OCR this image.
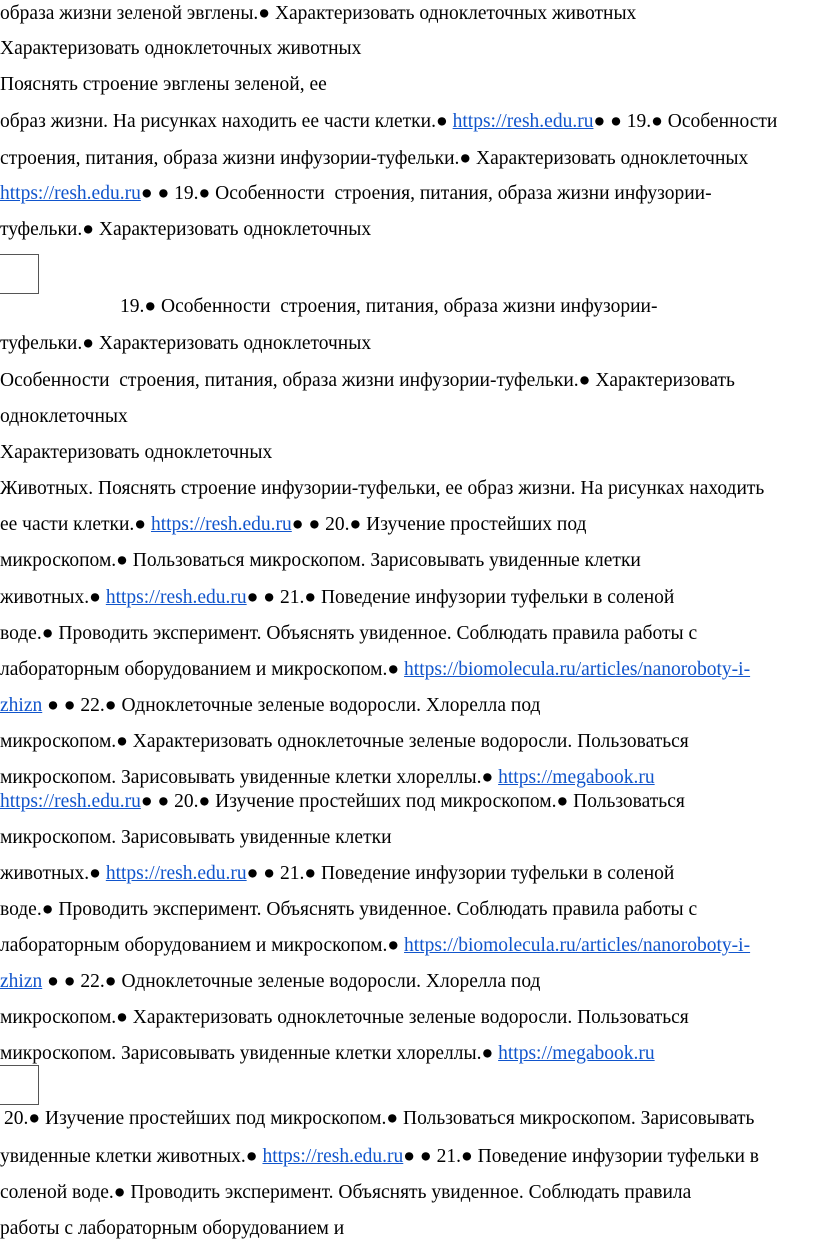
образа жизни зеленой эвглены.● Характеризовать одноклеточных животных
Характеризовать одноклеточных животных
Пояснять строение эвглены зеленой, ее
образ жизни. На рисунках находить ее части клетки.● https://resh.edu.ru● ● 19.● Особенности
строения, питания, образа жизни инфузории-туфельки.● Характеризовать одноклеточных
https://resh.edu.ru● ● 19.● Особенности  строения, питания, образа жизни инфузории-
туфельки.● Характеризовать одноклеточных
19.● Особенности  строения, питания, образа жизни инфузории-
туфельки.● Характеризовать одноклеточных
Особенности  строения, питания, образа жизни инфузории-туфельки.● Характеризовать
одноклеточных
Характеризовать одноклеточных
Животных. Пояснять строение инфузории-туфельки, ее образ жизни. На рисунках находить
ее части клетки.● https://resh.edu.ru● ● 20.● Изучение простейших под
микроскопом.● Пользоваться микроскопом. Зарисовывать увиденные клетки
животных.● https://resh.edu.ru● ● 21.● Поведение инфузории туфельки в соленой
воде.● Проводить эксперимент. Объяснять увиденное. Соблюдать правила работы с
лабораторным оборудованием и микроскопом.● https://biomolecula.ru/articles/nanoroboty-i-
zhizn ● ● 22.● Одноклеточные зеленые водоросли. Хлорелла под
микроскопом.● Характеризовать одноклеточные зеленые водоросли. Пользоваться
микроскопом. Зарисовывать увиденные клетки хлореллы.● https://megabook.ru
https://resh.edu.ru● ● 20.● Изучение простейших под микроскопом.● Пользоваться
микроскопом. Зарисовывать увиденные клетки
животных.● https://resh.edu.ru● ● 21.● Поведение инфузории туфельки в соленой
воде.● Проводить эксперимент. Объяснять увиденное. Соблюдать правила работы с
лабораторным оборудованием и микроскопом.● https://biomolecula.ru/articles/nanoroboty-i-
zhizn ● ● 22.● Одноклеточные зеленые водоросли. Хлорелла под
микроскопом.● Характеризовать одноклеточные зеленые водоросли. Пользоваться
микроскопом. Зарисовывать увиденные клетки хлореллы.● https://megabook.ru
20.● Изучение простейших под микроскопом.● Пользоваться микроскопом. Зарисовывать
увиденные клетки животных.● https://resh.edu.ru● ● 21.● Поведение инфузории туфельки в
соленой воде.● Проводить эксперимент. Объяснять увиденное. Соблюдать правила
работы с лабораторным оборудованием и
